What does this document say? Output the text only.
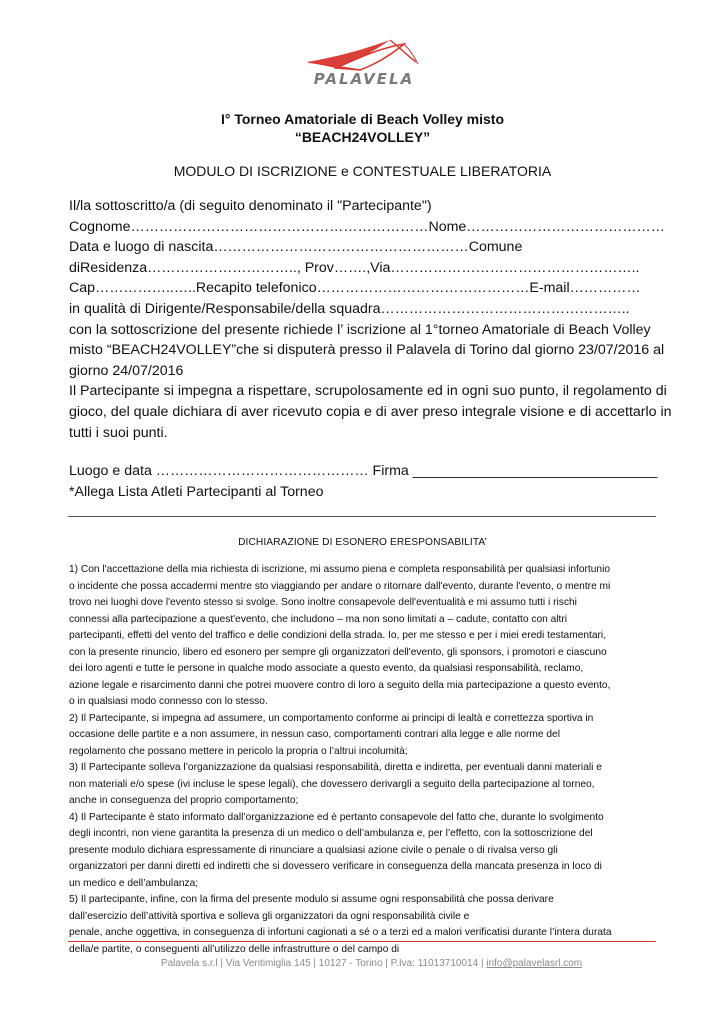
PALAVELA
I° Torneo Amatoriale di Beach Volley misto
“BEACH24VOLLEY”
MODULO DI ISCRIZIONE e CONTESTUALE LIBERATORIA
Il/la sottoscritto/a (di seguito denominato il "Partecipante")
Cognome………………………………………………………Nome……………………………………
Data e luogo di nascita………………………………………………Comune
diResidenza………………………….., Prov…….,Via……………………………………………..
Cap……………..…..Recapito telefonico………………………………………E-mail……………
in qualità di Dirigente/Responsabile/della squadra……………………………………………..
con la sottoscrizione del presente richiede l’ iscrizione al 1°torneo Amatoriale di Beach Volley
misto “BEACH24VOLLEY”che si disputerà presso il Palavela di Torino dal giorno 23/07/2016 al
giorno 24/07/2016
Il Partecipante si impegna a rispettare, scrupolosamente ed in ogni suo punto, il regolamento di
gioco, del quale dichiara di aver ricevuto copia e di aver preso integrale visione e di accettarlo in
tutti i suoi punti.
Luogo e data ……………………………………… Firma _______________________________
*Allega Lista Atleti Partecipanti al Torneo
DICHIARAZIONE DI ESONERO ERESPONSABILITA’
1) Con l'accettazione della mia richiesta di iscrizione, mi assumo piena e completa responsabilità per qualsiasi infortunio
o incidente che possa accadermi mentre sto viaggiando per andare o ritornare dall'evento, durante l'evento, o mentre mi
trovo nei luoghi dove l'evento stesso si svolge. Sono inoltre consapevole dell'eventualità e mi assumo tutti i rischi
connessi alla partecipazione a quest'evento, che includono – ma non sono limitati a – cadute, contatto con altri
partecipanti, effetti del vento del traffico e delle condizioni della strada. Io, per me stesso e per i miei eredi testamentari,
con la presente rinuncio, libero ed esonero per sempre gli organizzatori dell'evento, gli sponsors, i promotori e ciascuno
dei loro agenti e tutte le persone in qualche modo associate a questo evento, da qualsiasi responsabilità, reclamo,
azione legale e risarcimento danni che potrei muovere contro di loro a seguito della mia partecipazione a questo evento,
o in qualsiasi modo connesso con lo stesso.
2) Il Partecipante, si impegna ad assumere, un comportamento conforme ai principi di lealtà e correttezza sportiva in
occasione delle partite e a non assumere, in nessun caso, comportamenti contrari alla legge e alle norme del
regolamento che possano mettere in pericolo la propria o l’altrui incolumità;
3) Il Partecipante solleva l’organizzazione da qualsiasi responsabilità, diretta e indiretta, per eventuali danni materiali e
non materiali e/o spese (ivi incluse le spese legali), che dovessero derivargli a seguito della partecipazione al torneo,
anche in conseguenza del proprio comportamento;
4) Il Partecipante è stato informato dall’organizzazione ed è pertanto consapevole del fatto che, durante lo svolgimento
degli incontri, non viene garantita la presenza di un medico o dell’ambulanza e, per l’effetto, con la sottoscrizione del
presente modulo dichiara espressamente di rinunciare a qualsiasi azione civile o penale o di rivalsa verso gli
organizzatori per danni diretti ed indiretti che si dovessero verificare in conseguenza della mancata presenza in loco di
un medico e dell’ambulanza;
5) Il partecipante, infine, con la firma del presente modulo si assume ogni responsabilità che possa derivare
dall’esercizio dell’attività sportiva e solleva gli organizzatori da ogni responsabilità civile e
penale, anche oggettiva, in conseguenza di infortuni cagionati a sé o a terzi ed a malori verificatisi durante l’intera durata
della/e partite, o conseguenti all’utilizzo delle infrastrutture o del campo di
Palavela s.r.l | Via Ventimiglia 145 | 10127 - Torino | P.Iva: 11013710014 | info@palavelasrl.com
